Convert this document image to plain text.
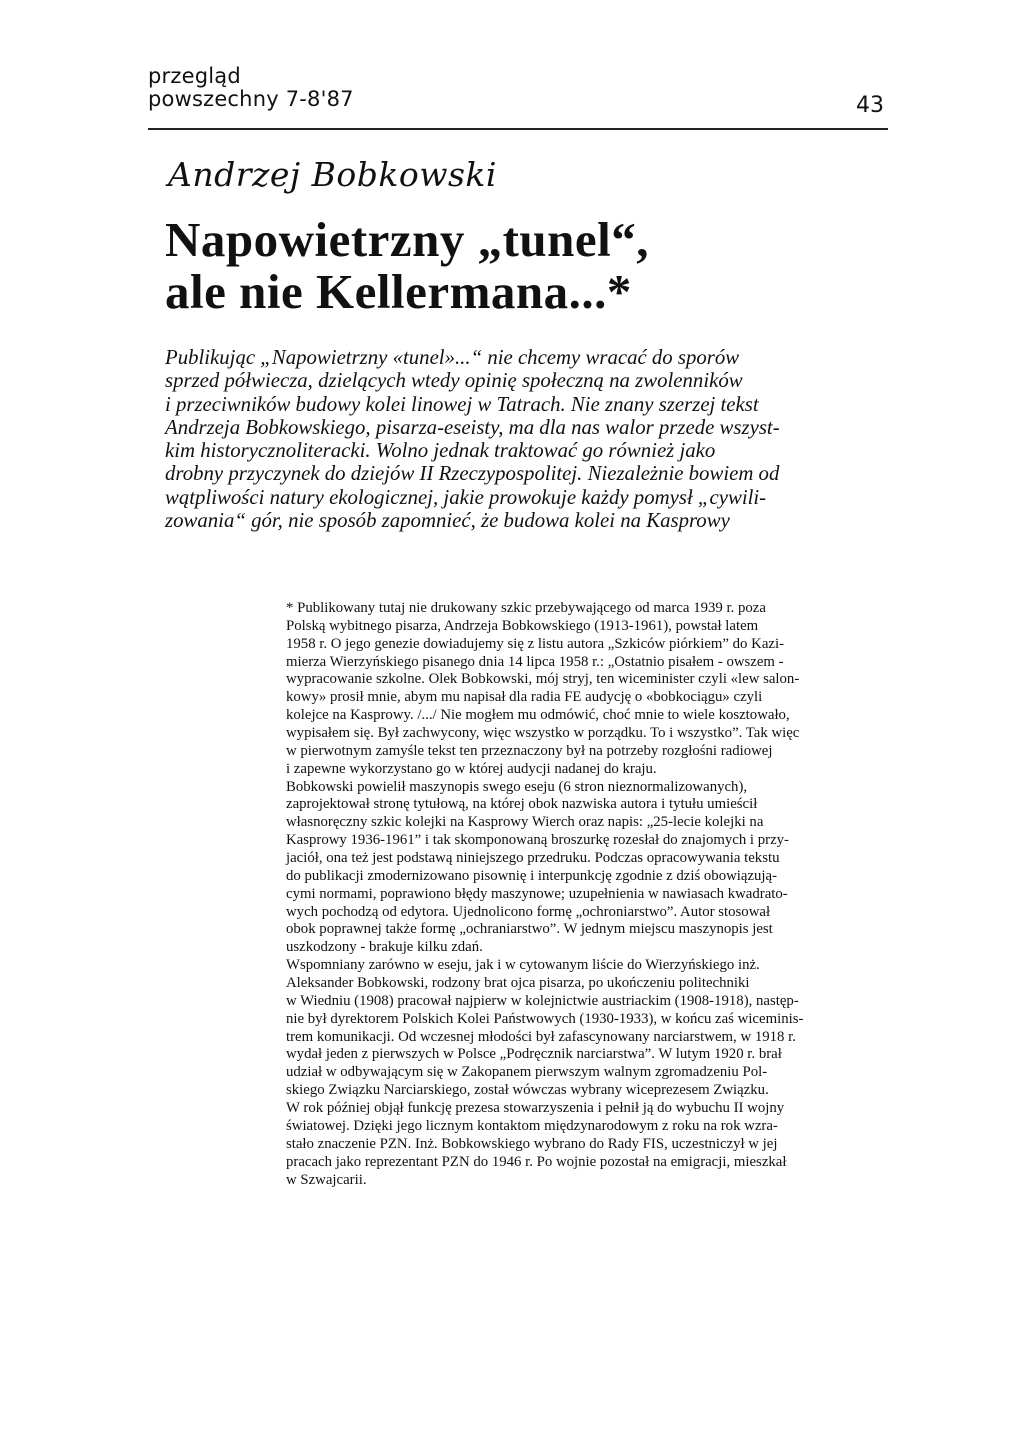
przegląd
powszechny 7-8'87	43
Andrzej Bobkowski
Napowietrzny „tunel“,
ale nie Kellermana...*
Publikując „Napowietrzny «tunel»...“ nie chcemy wracać do sporów
sprzed półwiecza, dzielących wtedy opinię społeczną na zwolenników
i przeciwników budowy kolei linowej w Tatrach. Nie znany szerzej tekst
Andrzeja Bobkowskiego, pisarza-eseisty, ma dla nas walor przede wszyst-
kim historycznoliteracki. Wolno jednak traktować go również jako
drobny przyczynek do dziejów II Rzeczypospolitej. Niezależnie bowiem od
wątpliwości natury ekologicznej, jakie prowokuje każdy pomysł „cywili-
zowania“ gór, nie sposób zapomnieć, że budowa kolei na Kasprowy
* Publikowany tutaj nie drukowany szkic przebywającego od marca 1939 r. poza
Polską wybitnego pisarza, Andrzeja Bobkowskiego (1913-1961), powstał latem
1958 r. O jego genezie dowiadujemy się z listu autora „Szkiców piórkiem” do Kazi-
mierza Wierzyńskiego pisanego dnia 14 lipca 1958 r.: „Ostatnio pisałem - owszem -
wypracowanie szkolne. Olek Bobkowski, mój stryj, ten wiceminister czyli «lew salon-
kowy» prosił mnie, abym mu napisał dla radia FE audycję o «bobkociągu» czyli
kolejce na Kasprowy. /.../ Nie mogłem mu odmówić, choć mnie to wiele kosztowało,
wypisałem się. Był zachwycony, więc wszystko w porządku. To i wszystko”. Tak więc
w pierwotnym zamyśle tekst ten przeznaczony był na potrzeby rozgłośni radiowej
i zapewne wykorzystano go w której audycji nadanej do kraju.
Bobkowski powielił maszynopis swego eseju (6 stron nieznormalizowanych),
zaprojektował stronę tytułową, na której obok nazwiska autora i tytułu umieścił
własnoręczny szkic kolejki na Kasprowy Wierch oraz napis: „25-lecie kolejki na
Kasprowy 1936-1961” i tak skomponowaną broszurkę rozesłał do znajomych i przy-
jaciół, ona też jest podstawą niniejszego przedruku. Podczas opracowywania tekstu
do publikacji zmodernizowano pisownię i interpunkcję zgodnie z dziś obowiązują-
cymi normami, poprawiono błędy maszynowe; uzupełnienia w nawiasach kwadrato-
wych pochodzą od edytora. Ujednolicono formę „ochroniarstwo”. Autor stosował
obok poprawnej także formę „ochraniarstwo”. W jednym miejscu maszynopis jest
uszkodzony - brakuje kilku zdań.
Wspomniany zarówno w eseju, jak i w cytowanym liście do Wierzyńskiego inż.
Aleksander Bobkowski, rodzony brat ojca pisarza, po ukończeniu politechniki
w Wiedniu (1908) pracował najpierw w kolejnictwie austriackim (1908-1918), następ-
nie był dyrektorem Polskich Kolei Państwowych (1930-1933), w końcu zaś wiceminis-
trem komunikacji. Od wczesnej młodości był zafascynowany narciarstwem, w 1918 r.
wydał jeden z pierwszych w Polsce „Podręcznik narciarstwa”. W lutym 1920 r. brał
udział w odbywającym się w Zakopanem pierwszym walnym zgromadzeniu Pol-
skiego Związku Narciarskiego, został wówczas wybrany wiceprezesem Związku.
W rok później objął funkcję prezesa stowarzyszenia i pełnił ją do wybuchu II wojny
światowej. Dzięki jego licznym kontaktom międzynarodowym z roku na rok wzra-
stało znaczenie PZN. Inż. Bobkowskiego wybrano do Rady FIS, uczestniczył w jej
pracach jako reprezentant PZN do 1946 r. Po wojnie pozostał na emigracji, mieszkał
w Szwajcarii.
